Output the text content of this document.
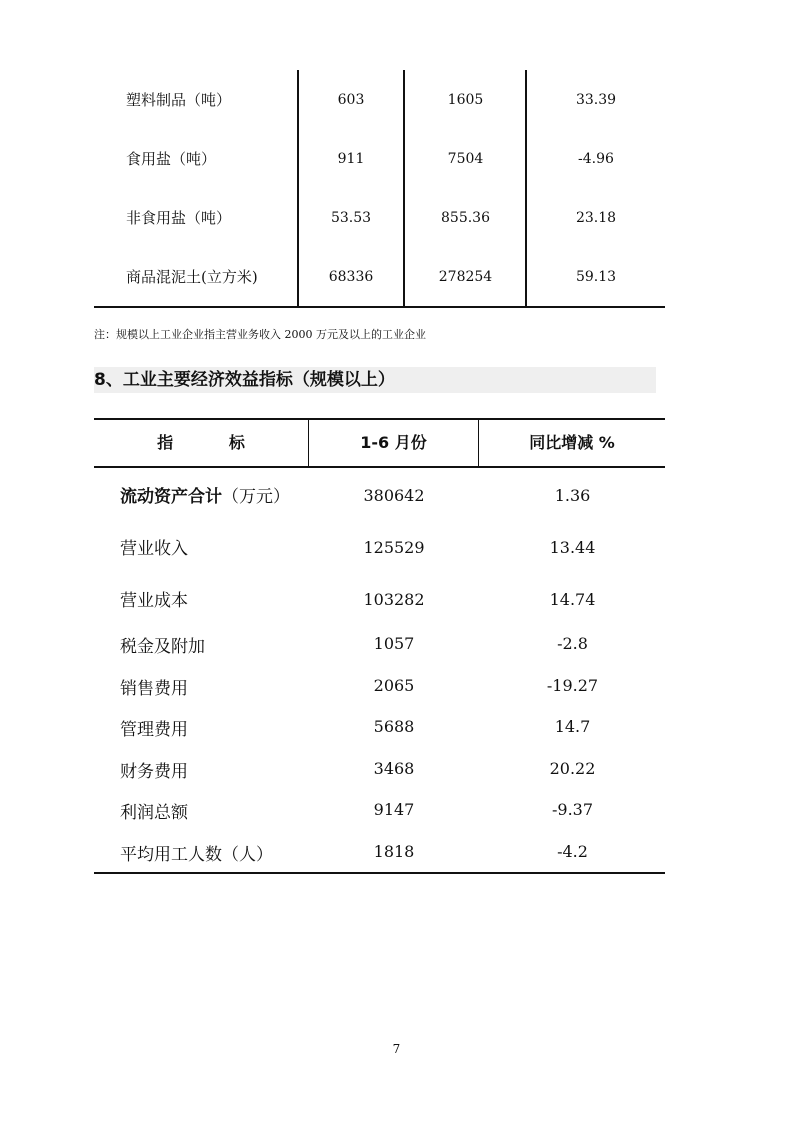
塑料制品（吨）	603	1605	33.39
食用盐（吨）	911	7504	-4.96
非食用盐（吨）	53.53	855.36	23.18
商品混泥土(立方米)	68336	278254	59.13
注：规模以上工业企业指主营业务收入 2000 万元及以上的工业企业
8、工业主要经济效益指标（规模以上）
指          标	1-6 月份	同比增减 %
流动资产合计（万元）	380642	1.36
营业收入	125529	13.44
营业成本	103282	14.74
税金及附加	1057	-2.8
销售费用	2065	-19.27
管理费用	5688	14.7
财务费用	3468	20.22
利润总额	9147	-9.37
平均用工人数（人）	1818	-4.2
7
